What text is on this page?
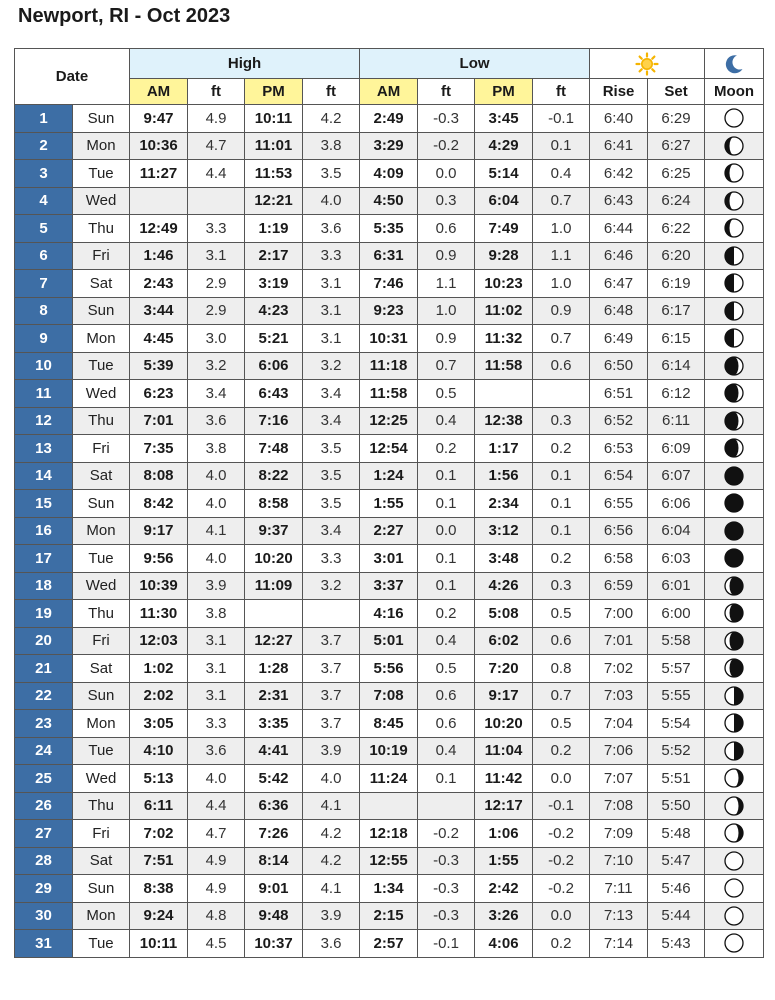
Newport, RI - Oct 2023
Date		High				Low	

		AM	ft	PM	ft	AM	ft	PM	ft	Rise	Set	Moon
1	Sun	9:47	4.9	10:11	4.2	2:49	-0.3	3:45	-0.1	6:40	6:29	

2	Mon	10:36	4.7	11:01	3.8	3:29	-0.2	4:29	0.1	6:41	6:27	

3	Tue	11:27	4.4	11:53	3.5	4:09	0.0	5:14	0.4	6:42	6:25	

4	Wed			12:21	4.0	4:50	0.3	6:04	0.7	6:43	6:24	

5	Thu	12:49	3.3	1:19	3.6	5:35	0.6	7:49	1.0	6:44	6:22	

6	Fri	1:46	3.1	2:17	3.3	6:31	0.9	9:28	1.1	6:46	6:20	

7	Sat	2:43	2.9	3:19	3.1	7:46	1.1	10:23	1.0	6:47	6:19	

8	Sun	3:44	2.9	4:23	3.1	9:23	1.0	11:02	0.9	6:48	6:17	

9	Mon	4:45	3.0	5:21	3.1	10:31	0.9	11:32	0.7	6:49	6:15	

10	Tue	5:39	3.2	6:06	3.2	11:18	0.7	11:58	0.6	6:50	6:14	

11	Wed	6:23	3.4	6:43	3.4	11:58	0.5			6:51	6:12	

12	Thu	7:01	3.6	7:16	3.4	12:25	0.4	12:38	0.3	6:52	6:11	

13	Fri	7:35	3.8	7:48	3.5	12:54	0.2	1:17	0.2	6:53	6:09	

14	Sat	8:08	4.0	8:22	3.5	1:24	0.1	1:56	0.1	6:54	6:07	

15	Sun	8:42	4.0	8:58	3.5	1:55	0.1	2:34	0.1	6:55	6:06	

16	Mon	9:17	4.1	9:37	3.4	2:27	0.0	3:12	0.1	6:56	6:04	

17	Tue	9:56	4.0	10:20	3.3	3:01	0.1	3:48	0.2	6:58	6:03	

18	Wed	10:39	3.9	11:09	3.2	3:37	0.1	4:26	0.3	6:59	6:01	

19	Thu	11:30	3.8			4:16	0.2	5:08	0.5	7:00	6:00	

20	Fri	12:03	3.1	12:27	3.7	5:01	0.4	6:02	0.6	7:01	5:58	

21	Sat	1:02	3.1	1:28	3.7	5:56	0.5	7:20	0.8	7:02	5:57	

22	Sun	2:02	3.1	2:31	3.7	7:08	0.6	9:17	0.7	7:03	5:55	

23	Mon	3:05	3.3	3:35	3.7	8:45	0.6	10:20	0.5	7:04	5:54	

24	Tue	4:10	3.6	4:41	3.9	10:19	0.4	11:04	0.2	7:06	5:52	

25	Wed	5:13	4.0	5:42	4.0	11:24	0.1	11:42	0.0	7:07	5:51	

26	Thu	6:11	4.4	6:36	4.1			12:17	-0.1	7:08	5:50	

27	Fri	7:02	4.7	7:26	4.2	12:18	-0.2	1:06	-0.2	7:09	5:48	

28	Sat	7:51	4.9	8:14	4.2	12:55	-0.3	1:55	-0.2	7:10	5:47	

29	Sun	8:38	4.9	9:01	4.1	1:34	-0.3	2:42	-0.2	7:11	5:46	

30	Mon	9:24	4.8	9:48	3.9	2:15	-0.3	3:26	0.0	7:13	5:44	

31	Tue	10:11	4.5	10:37	3.6	2:57	-0.1	4:06	0.2	7:14	5:43	
